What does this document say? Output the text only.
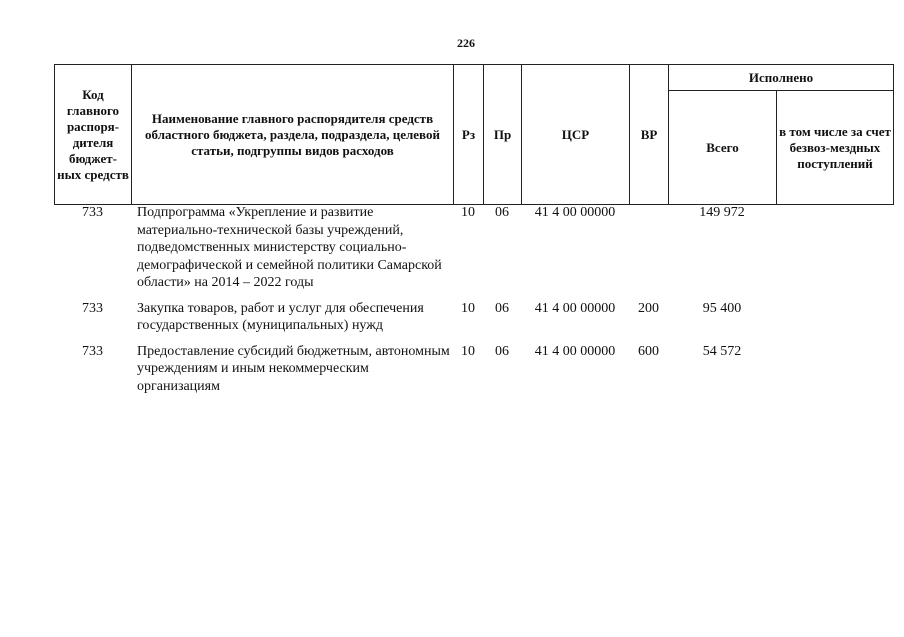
226
Код главного распоря-дителя бюджет-ных средств	Наименование главного распорядителя средств областного бюджета, раздела, подраздела, целевой статьи, подгруппы видов расходов	Рз	Пр	ЦСР	ВР	Исполнено	
						Всего	в том числе за счет безвоз-мездных поступлений
733	Подпрограмма «Укрепление и развитие материально-технической базы учреждений, подведомственных министерству социально-демографической и семейной политики Самарской области» на 2014 – 2022 годы	10	06	41 4 00 00000		149 972	
733	Закупка товаров, работ и услуг для обеспечения государственных (муниципальных) нужд	10	06	41 4 00 00000	200	95 400	
733	Предоставление субсидий бюджетным, автономным учреждениям и иным некоммерческим организациям	10	06	41 4 00 00000	600	54 572	
